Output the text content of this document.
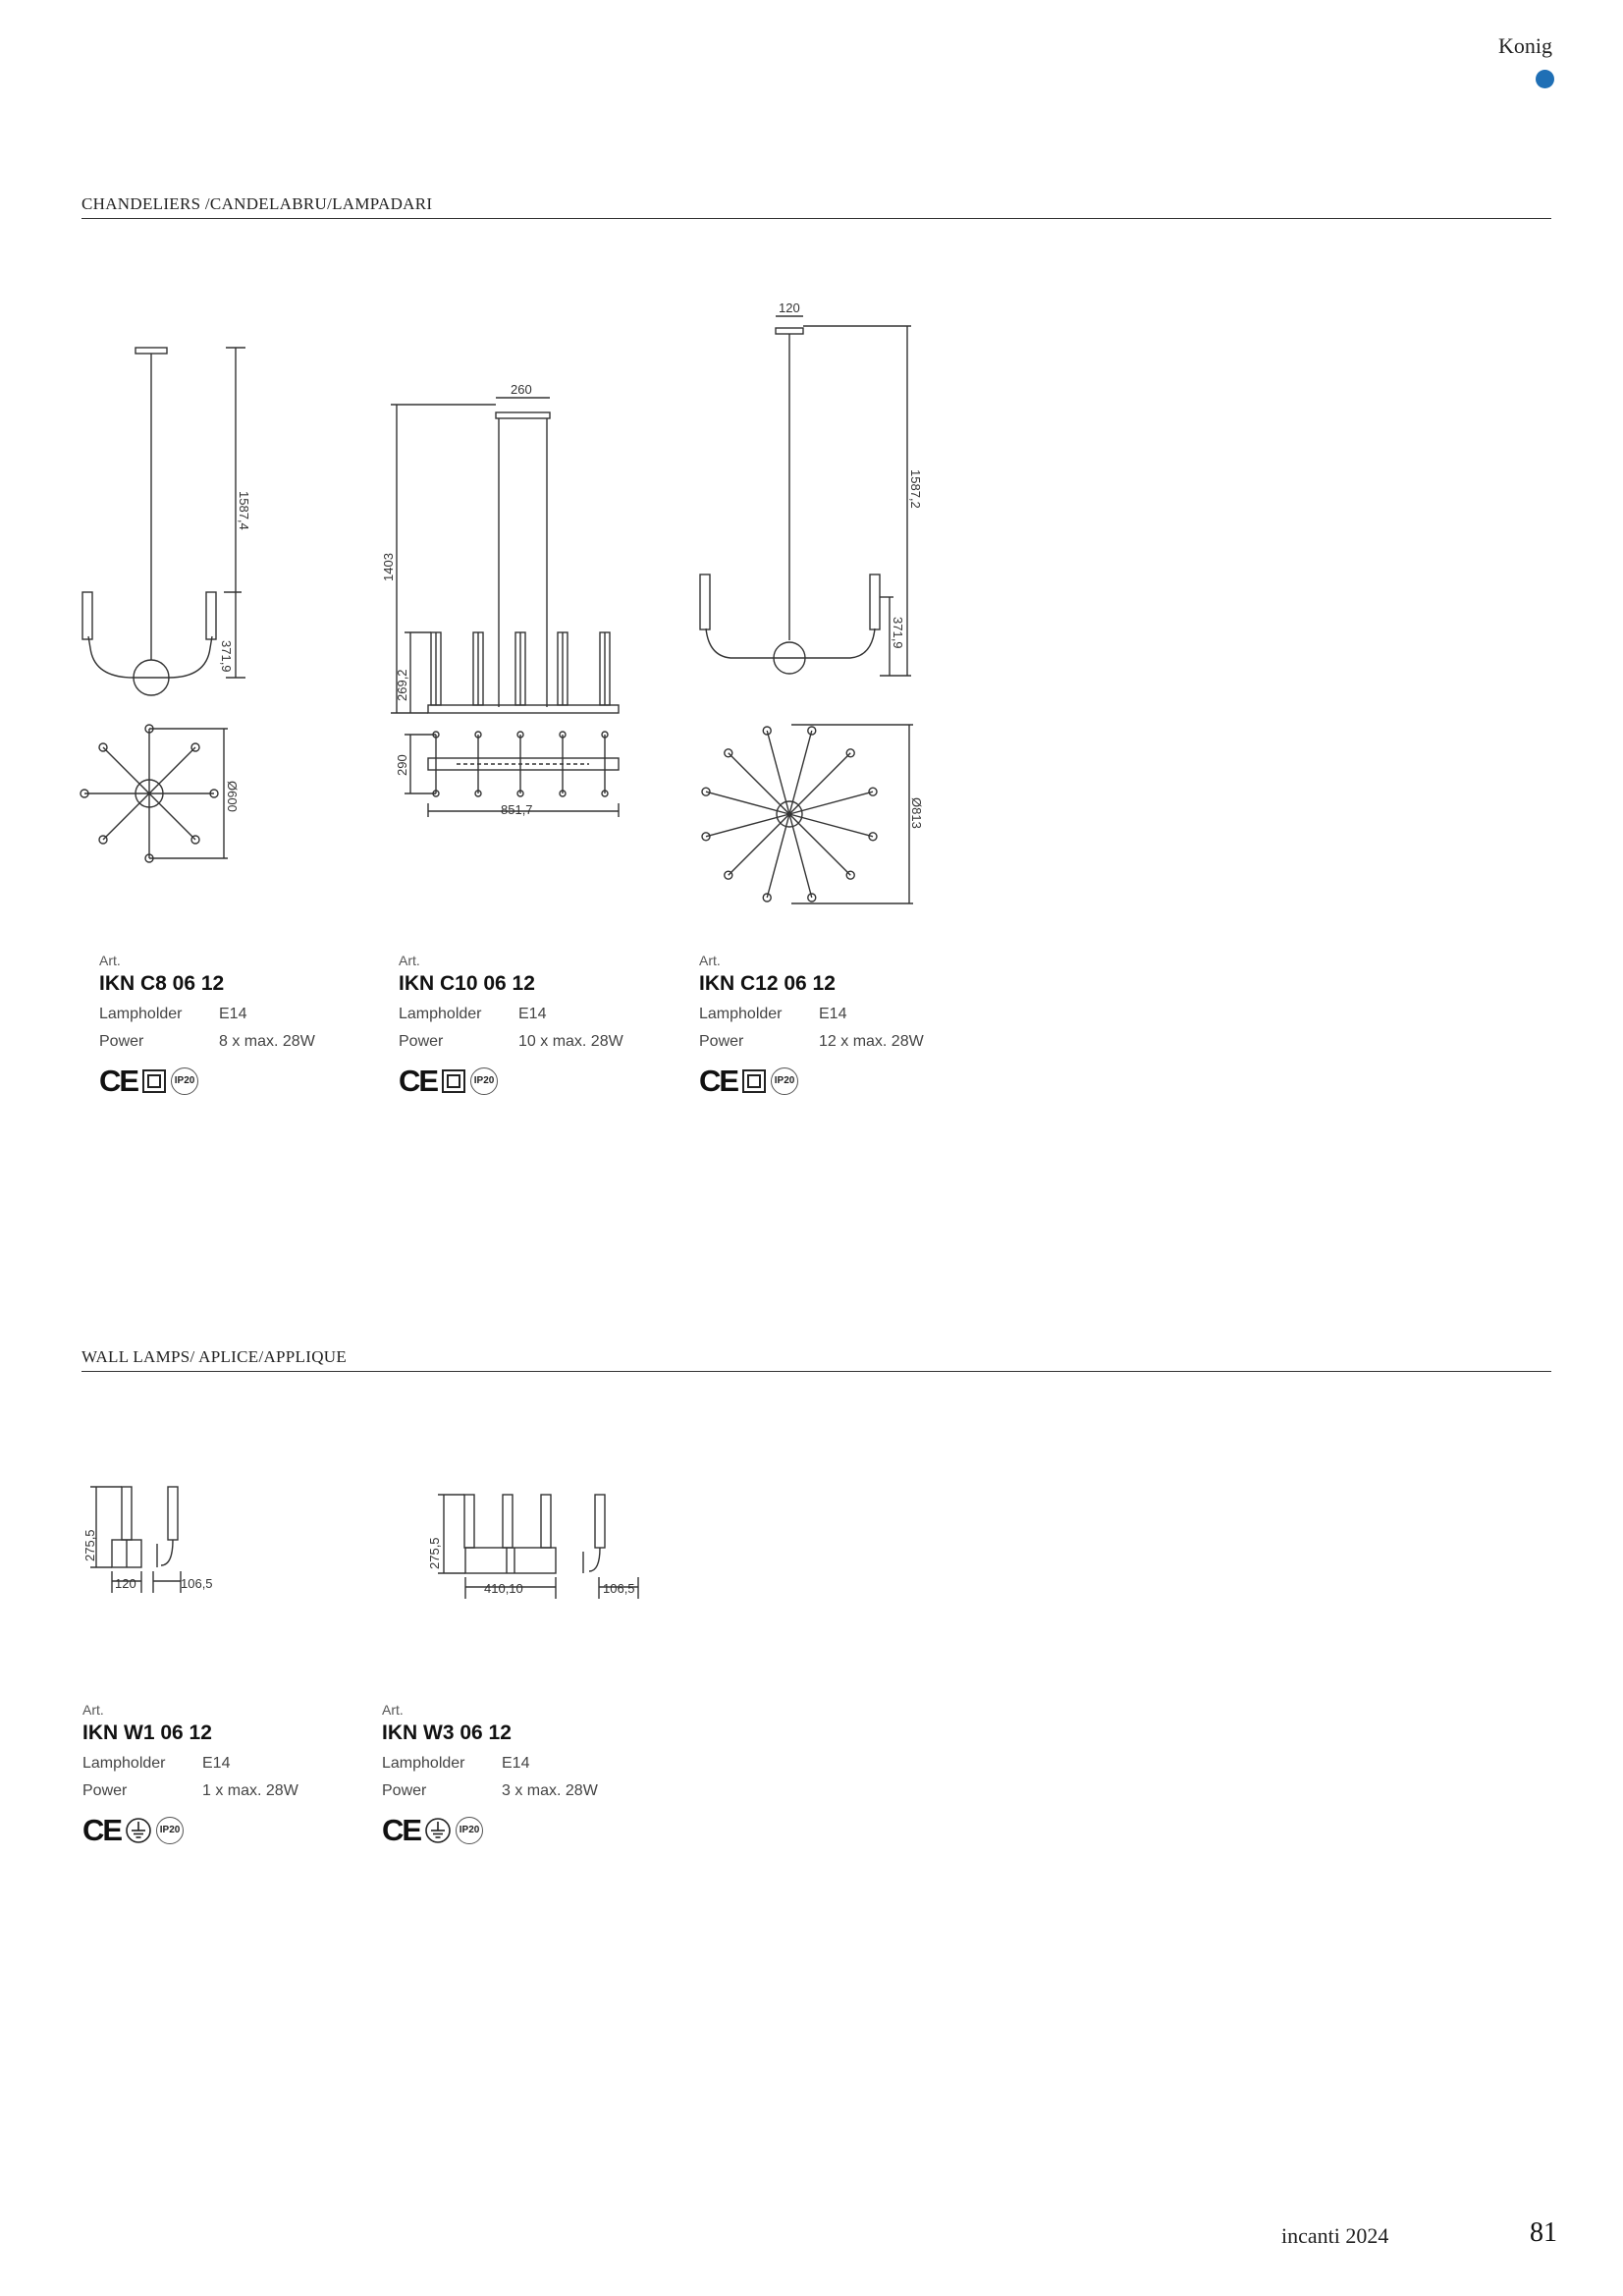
Konig
CHANDELIERS /CANDELABRU/LAMPADARI
WALL LAMPS/ APLICE/APPLIQUE
1587,4
371,9
Ø600
260
1403
269,2
290
851,7
120
1587,2
371,9
Ø813
275,5
120	106,5
275,5
410,10	106,5
Art.
IKN C8 06 12
Lampholder	E14
Power	8 x max. 28W
CE	IP20
Art.
IKN C10 06 12
Lampholder	E14
Power	10 x max. 28W
CE	IP20
Art.
IKN C12 06 12
Lampholder	E14
Power	12 x max. 28W
CE	IP20
Art.
IKN W1 06 12
Lampholder	E14
Power	1 x max. 28W
CE	IP20
Art.
IKN W3 06 12
Lampholder	E14
Power	3 x max. 28W
CE	IP20
incanti 2024	81
